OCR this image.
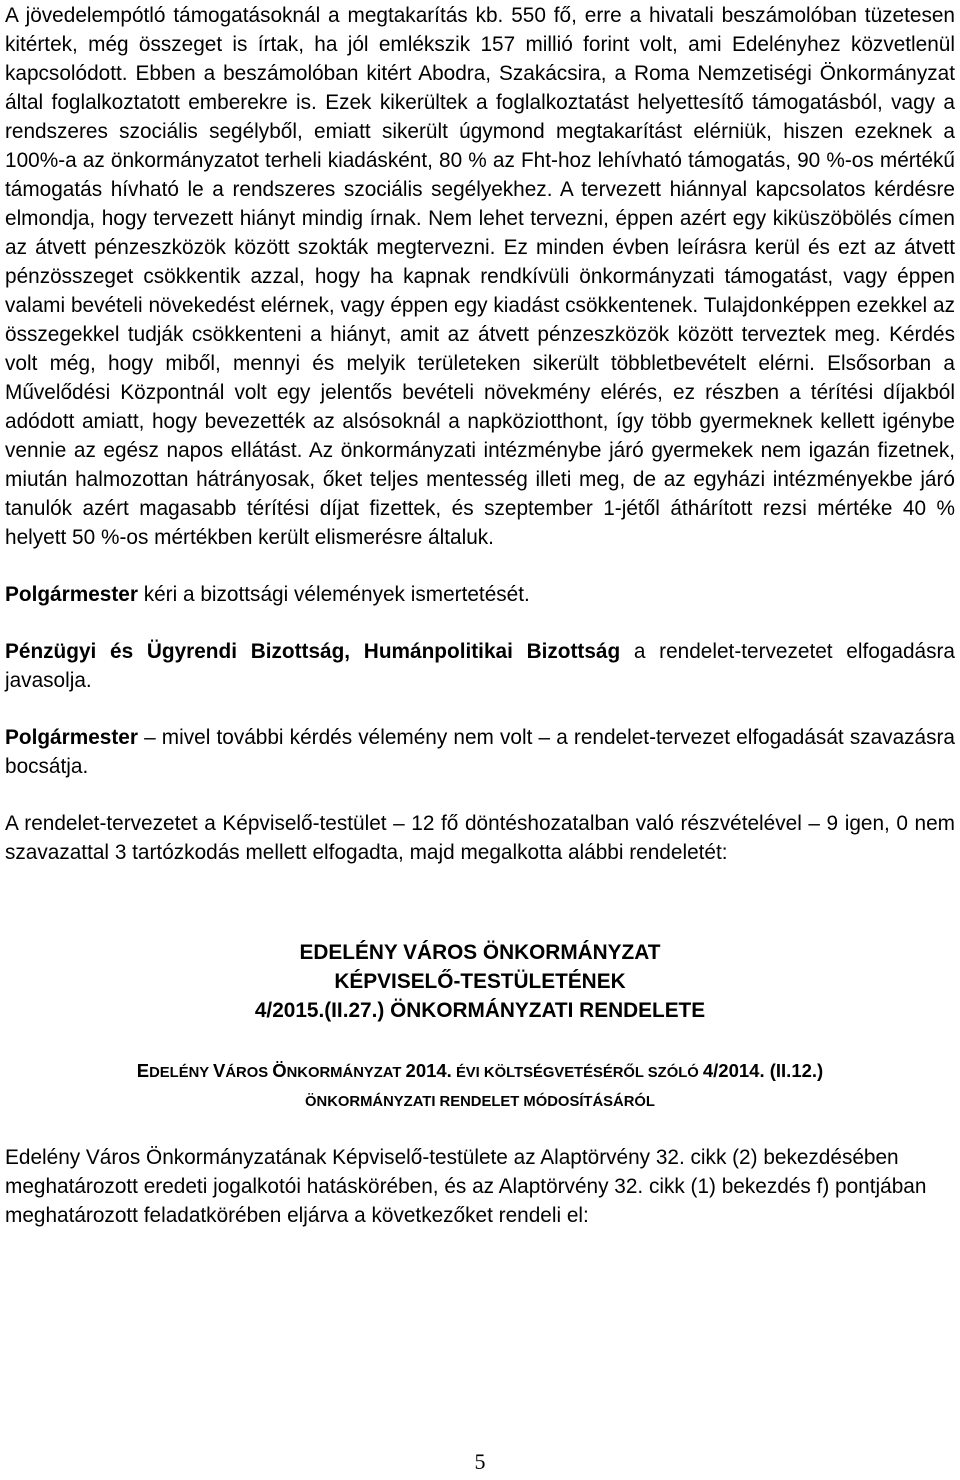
A jövedelempótló támogatásoknál a megtakarítás kb. 550 fő, erre a hivatali beszámolóban tüzetesen kitértek, még összeget is írtak, ha jól emlékszik 157 millió forint volt, ami Edelényhez közvetlenül kapcsolódott. Ebben a beszámolóban kitért Abodra, Szakácsira, a Roma Nemzetiségi Önkormányzat által foglalkoztatott emberekre is. Ezek kikerültek a foglalkoztatást helyettesítő támogatásból, vagy a rendszeres szociális segélyből, emiatt sikerült úgymond megtakarítást elérniük, hiszen ezeknek a 100%-a az önkormányzatot terheli kiadásként, 80 % az Fht-hoz lehívható támogatás, 90 %-os mértékű támogatás hívható le a rendszeres szociális segélyekhez. A tervezett hiánnyal kapcsolatos kérdésre elmondja, hogy tervezett hiányt mindig írnak. Nem lehet tervezni, éppen azért egy kiküszöbölés címen az átvett pénzeszközök között szokták megtervezni. Ez minden évben leírásra kerül és ezt az átvett pénzösszeget csökkentik azzal, hogy ha kapnak rendkívüli önkormányzati támogatást, vagy éppen valami bevételi növekedést elérnek, vagy éppen egy kiadást csökkentenek. Tulajdonképpen ezekkel az összegekkel tudják csökkenteni a hiányt, amit az átvett pénzeszközök között terveztek meg. Kérdés volt még, hogy miből, mennyi és melyik területeken sikerült többletbevételt elérni. Elsősorban a Művelődési Központnál volt egy jelentős bevételi növekmény elérés, ez részben a térítési díjakból adódott amiatt, hogy bevezették az alsósoknál a napköziotthont, így több gyermeknek kellett igénybe vennie az egész napos ellátást. Az önkormányzati intézménybe járó gyermekek nem igazán fizetnek, miután halmozottan hátrányosak, őket teljes mentesség illeti meg, de az egyházi intézményekbe járó tanulók azért magasabb térítési díjat fizettek, és szeptember 1-jétől áthárított rezsi mértéke 40 % helyett 50 %-os mértékben került elismerésre általuk.

Polgármester kéri a bizottsági vélemények ismertetését.

Pénzügyi és Ügyrendi Bizottság, Humánpolitikai Bizottság a rendelet-tervezetet elfogadásra javasolja.

Polgármester – mivel további kérdés vélemény nem volt – a rendelet-tervezet elfogadását szavazásra bocsátja.

A rendelet-tervezetet a Képviselő-testület – 12 fő döntéshozatalban való részvételével – 9 igen, 0 nem szavazattal 3 tartózkodás mellett elfogadta, majd megalkotta alábbi rendeletét:

EDELÉNY VÁROS ÖNKORMÁNYZAT
KÉPVISELŐ-TESTÜLETÉNEK
4/2015.(II.27.) ÖNKORMÁNYZATI RENDELETE
EDELÉNY VÁROS ÖNKORMÁNYZAT 2014. ÉVI KÖLTSÉGVETÉSÉRŐL SZÓLÓ 4/2014. (II.12.)
ÖNKORMÁNYZATI RENDELET MÓDOSÍTÁSÁRÓL

Edelény Város Önkormányzatának Képviselő-testülete az Alaptörvény 32. cikk (2) bekezdésében meghatározott eredeti jogalkotói hatáskörében, és az Alaptörvény 32. cikk (1) bekezdés f) pontjában meghatározott feladatkörében eljárva a következőket rendeli el:

5
